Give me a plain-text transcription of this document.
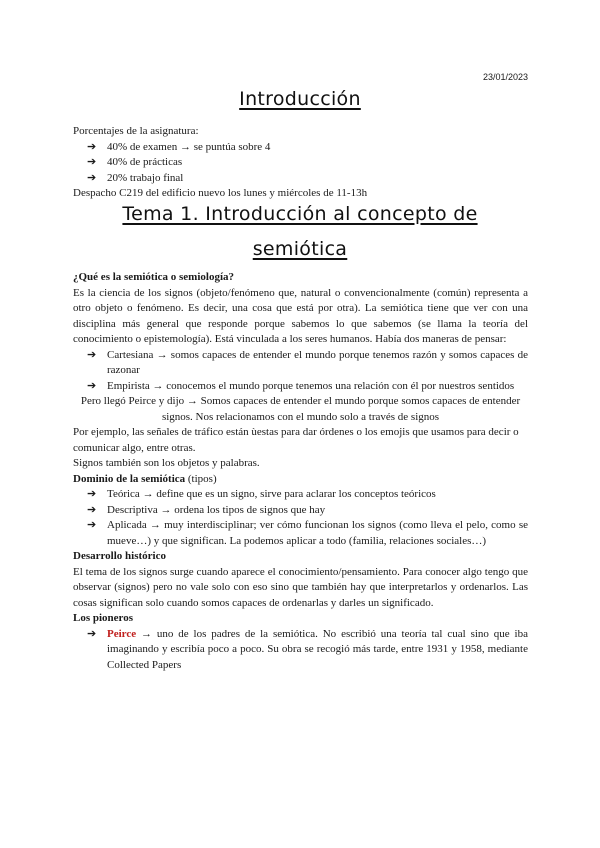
23/01/2023
Introducción

Porcentajes de la asignatura:

➔ 40% de examen → se puntúa sobre 4
➔ 40% de prácticas
➔ 20% trabajo final

Despacho C219 del edificio nuevo los lunes y miércoles de 11-13h

Tema 1. Introducción al concepto de
semiótica

¿Qué es la semiótica o semiología?

Es la ciencia de los signos (objeto/fenómeno que, natural o convencionalmente (común) representa a otro objeto o fenómeno. Es decir, una cosa que está por otra). La semiótica tiene que ver con una disciplina más general que responde porque sabemos lo que sabemos (se llama la teoría del conocimiento o epistemología). Está vinculada a los seres humanos. Había dos maneras de pensar:

➔ Cartesiana → somos capaces de entender el mundo porque tenemos razón y somos capaces de razonar
➔ Empirista → conocemos el mundo porque tenemos una relación con él por nuestros sentidos

Pero llegó Peirce y dijo → Somos capaces de entender el mundo porque somos capaces de entender signos. Nos relacionamos con el mundo solo a través de signos

Por ejemplo, las señales de tráfico están ùestas para dar órdenes o los emojis que usamos para decir o comunicar algo, entre otras.

Signos también son los objetos y palabras.

Dominio de la semiótica (tipos)

➔ Teórica → define que es un signo, sirve para aclarar los conceptos teóricos
➔ Descriptiva → ordena los tipos de signos que hay
➔ Aplicada → muy interdisciplinar; ver cómo funcionan los signos (como lleva el pelo, como se mueve…) y que significan. La podemos aplicar a todo (familia, relaciones sociales…)

Desarrollo histórico

El tema de los signos surge cuando aparece el conocimiento/pensamiento. Para conocer algo tengo que observar (signos) pero no vale solo con eso sino que también hay que interpretarlos y ordenarlos. Las cosas significan solo cuando somos capaces de ordenarlas y darles un significado.

Los pioneros

➔ Peirce → uno de los padres de la semiótica. No escribió una teoría tal cual sino que iba imaginando y escribía poco a poco. Su obra se recogió más tarde, entre 1931 y 1958, mediante Collected Papers
